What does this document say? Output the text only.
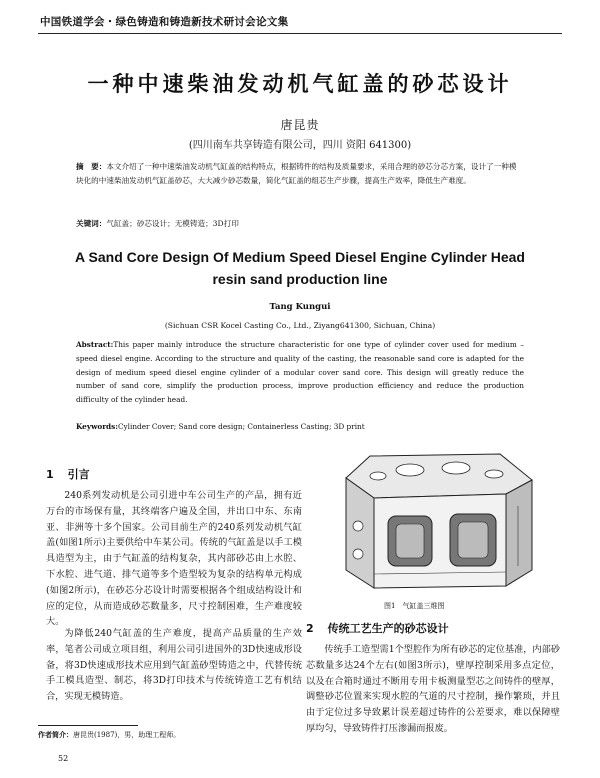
中国铁道学会・绿色铸造和铸造新技术研讨会论文集
一种中速柴油发动机气缸盖的砂芯设计
唐昆贵
(四川南车共享铸造有限公司，四川 资阳 641300)
摘　要：本文介绍了一种中速柴油发动机气缸盖的结构特点，根据铸件的结构及质量要求，采用合理的砂芯分芯方案，设计了一种模块化的中速柴油发动机气缸盖砂芯，大大减少砂芯数量，简化气缸盖的组芯生产步骤，提高生产效率，降低生产难度。
关键词：气缸盖；砂芯设计；无模铸造；3D打印
A Sand Core Design Of Medium Speed Diesel Engine Cylinder Head
resin sand production line
Tang Kungui
(Sichuan CSR Kocel Casting Co., Ltd., Ziyang641300, Sichuan, China)
Abstract:This paper mainly introduce the structure characteristic for one type of cylinder cover used for medium – speed diesel engine. According to the structure and quality of the casting, the reasonable sand core is adapted for the design of medium speed diesel engine cylinder of a modular cover sand core. This design will greatly reduce the number of sand core, simplify the production process, improve production efficiency and reduce the production difficulty of the cylinder head.
Keywords:Cylinder Cover; Sand core design; Containerless Casting; 3D print
1 引言
240系列发动机是公司引进中车公司生产的产品，拥有近万台的市场保有量，其终端客户遍及全国，并出口中东、东南亚、非洲等十多个国家。公司目前生产的240系列发动机气缸盖(如图1所示)主要供给中车某公司。传统的气缸盖是以手工模具造型为主，由于气缸盖的结构复杂，其内部砂芯由上水腔、下水腔、进气道、排气道等多个造型较为复杂的结构单元构成(如图2所示)，在砂芯分芯设计时需要根据各个组成结构设计和应的定位，从而造成砂芯数量多，尺寸控制困难，生产难度较大。
为降低240气缸盖的生产难度，提高产品质量的生产效率，笔者公司成立项目组，利用公司引进国外的3D快速成形设备，将3D快速成形技术应用到气缸盖砂型铸造之中，代替传统手工模具造型、制芯，将3D打印技术与传统铸造工艺有机结合，实现无模铸造。
图1　气缸盖三维图
2 传统工艺生产的砂芯设计
传统手工造型需1个型腔作为所有砂芯的定位基准，内部砂芯数量多达24个左右(如图3所示)，壁厚控制采用多点定位，以及在合箱时通过不断用专用卡板测量型芯之间铸件的壁厚，调整砂芯位置来实现水腔的气道的尺寸控制，操作繁琐，并且由于定位过多导致累计误差超过铸件的公差要求，难以保障壁厚均匀，导致铸件打压渗漏而报废。
作者简介：唐昆贵(1987)，男，助理工程师。
52
